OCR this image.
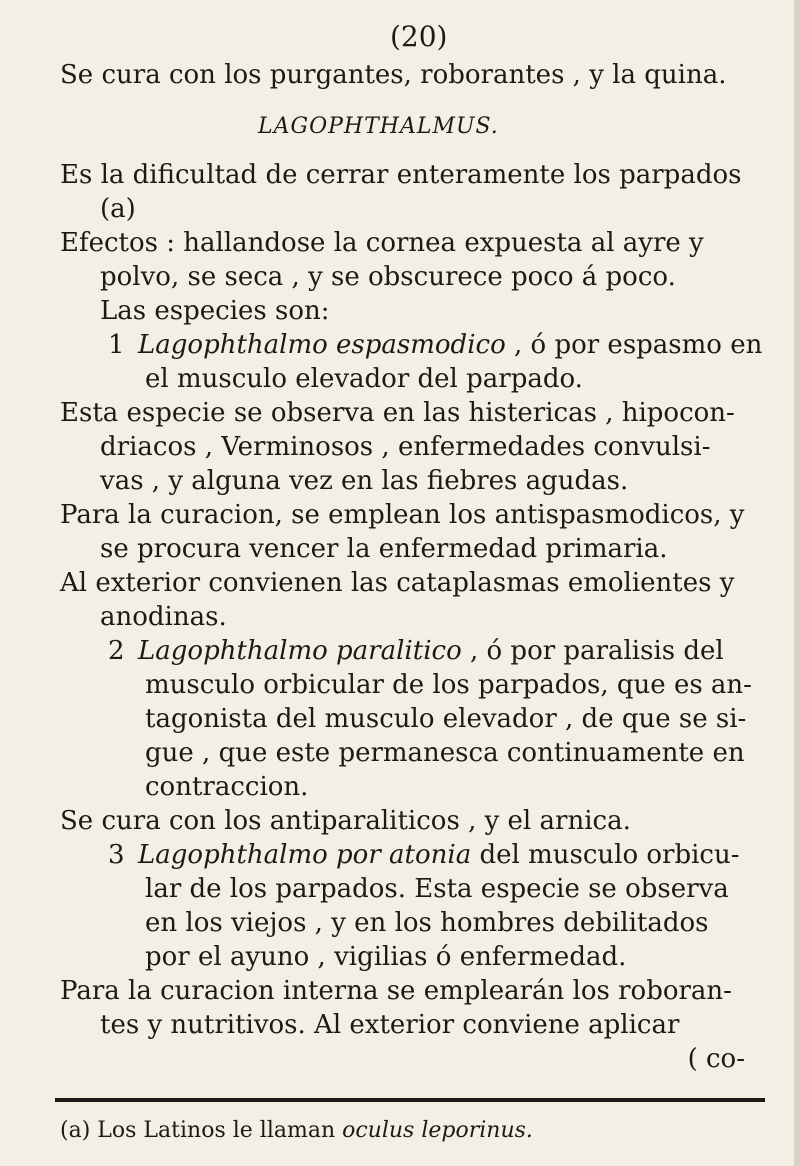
(20)
Se cura con los purgantes, roborantes , y la quina.
LAGOPHTHALMUS.
Es la dificultad de cerrar enteramente los parpados
(a)
Efectos : hallandose la cornea expuesta al ayre y
polvo, se seca , y se obscurece poco á poco.
Las especies son:
1 Lagophthalmo espasmodico , ó por espasmo en
el musculo elevador del parpado.
Esta especie se observa en las histericas , hipocon-
driacos , Verminosos , enfermedades convulsi-
vas , y alguna vez en las fiebres agudas.
Para la curacion, se emplean los antispasmodicos, y
se procura vencer la enfermedad primaria.
Al exterior convienen las cataplasmas emolientes y
anodinas.
2 Lagophthalmo paralitico , ó por paralisis del
musculo orbicular de los parpados, que es an-
tagonista del musculo elevador , de que se si-
gue , que este permanesca continuamente en
contraccion.
Se cura con los antiparaliticos , y el arnica.
3 Lagophthalmo por atonia del musculo orbicu-
lar de los parpados. Esta especie se observa
en los viejos , y en los hombres debilitados
por el ayuno , vigilias ó enfermedad.
Para la curacion interna se emplearán los roboran-
tes y nutritivos. Al exterior conviene aplicar
( co-
(a) Los Latinos le llaman oculus leporinus.
